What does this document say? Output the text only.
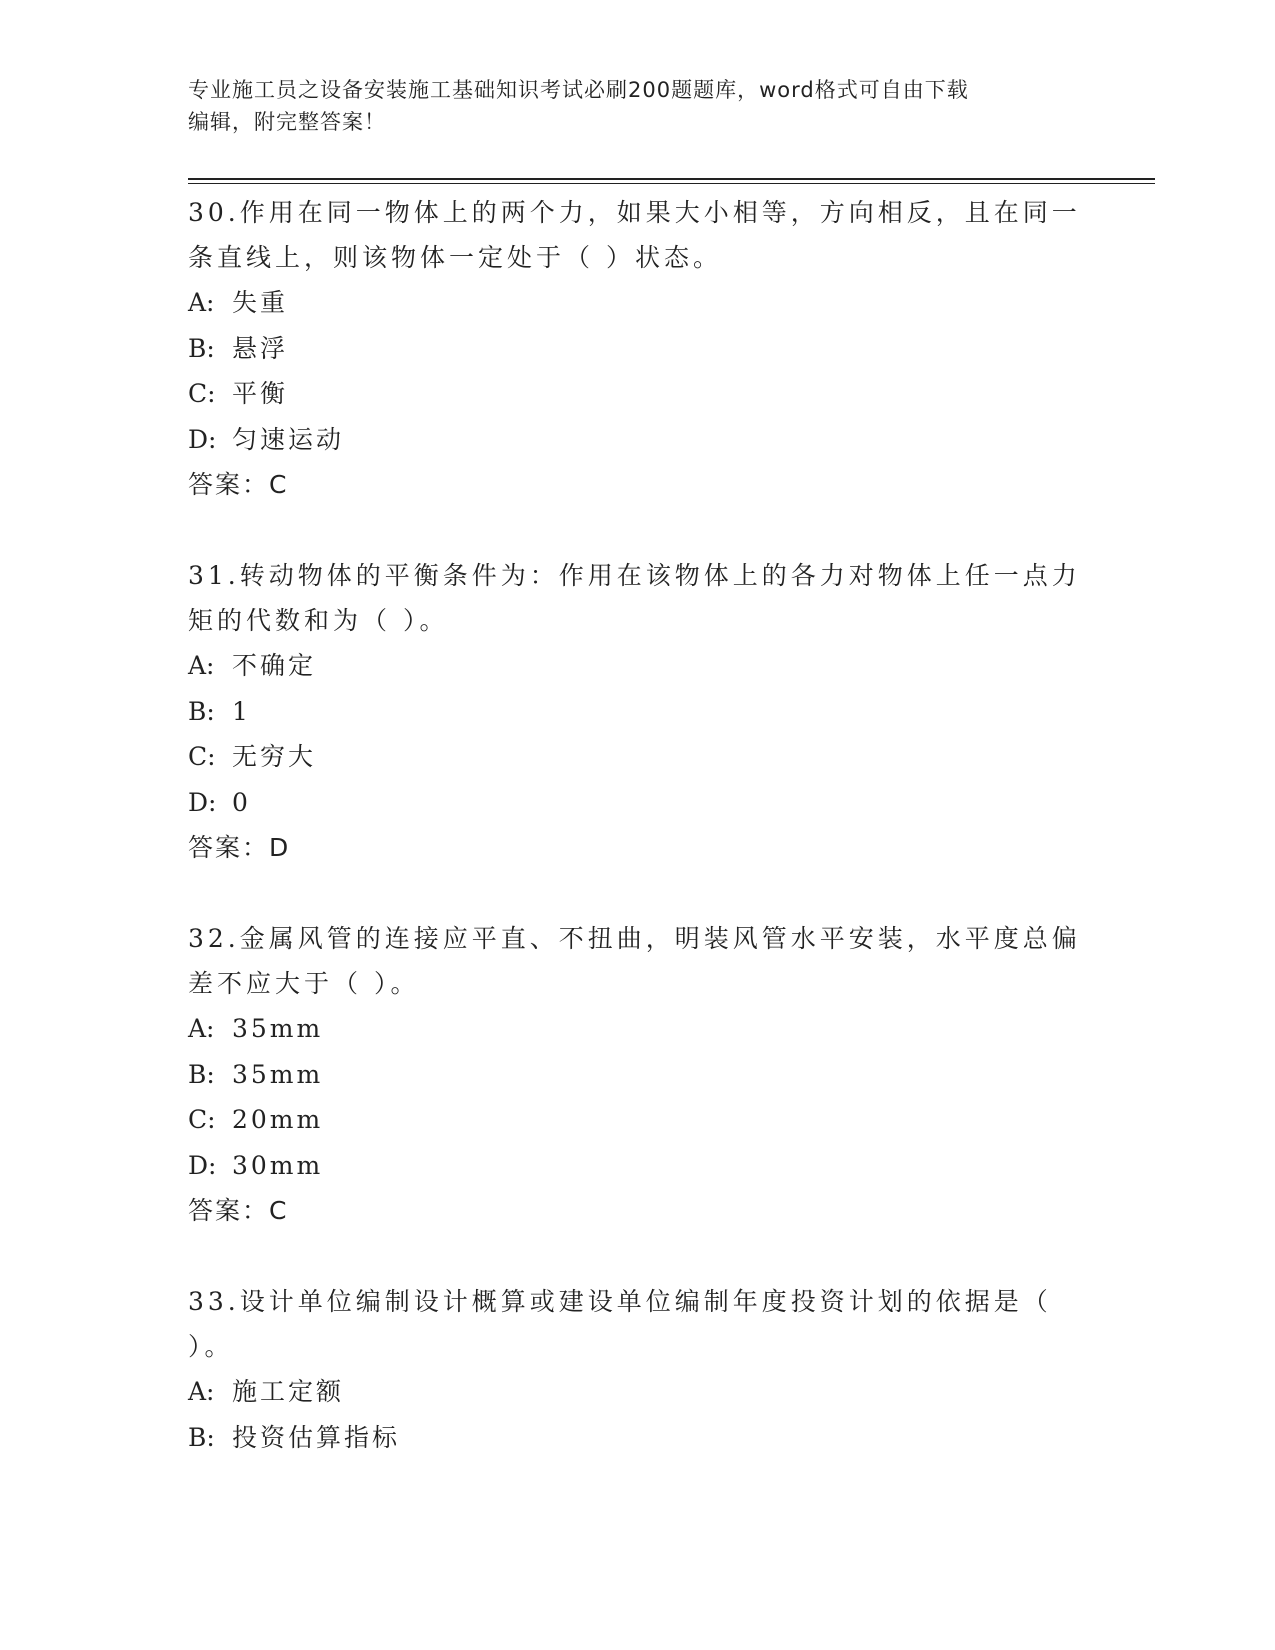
专业施工员之设备安装施工基础知识考试必刷200题题库，word格式可自由下载
编辑，附完整答案！

30.作用在同一物体上的两个力，如果大小相等，方向相反，且在同一条直线上，则该物体一定处于（ ）状态。

A: 失重

B: 悬浮

C: 平衡

D: 匀速运动

答案：C

31.转动物体的平衡条件为：作用在该物体上的各力对物体上任一点力矩的代数和为（ ）。

A: 不确定

B: 1

C: 无穷大

D: 0

答案：D

32.金属风管的连接应平直、不扭曲，明装风管水平安装，水平度总偏差不应大于（ ）。

A: 35mm

B: 35mm

C: 20mm

D: 30mm

答案：C

33.设计单位编制设计概算或建设单位编制年度投资计划的依据是（ ）。

A: 施工定额

B: 投资估算指标
